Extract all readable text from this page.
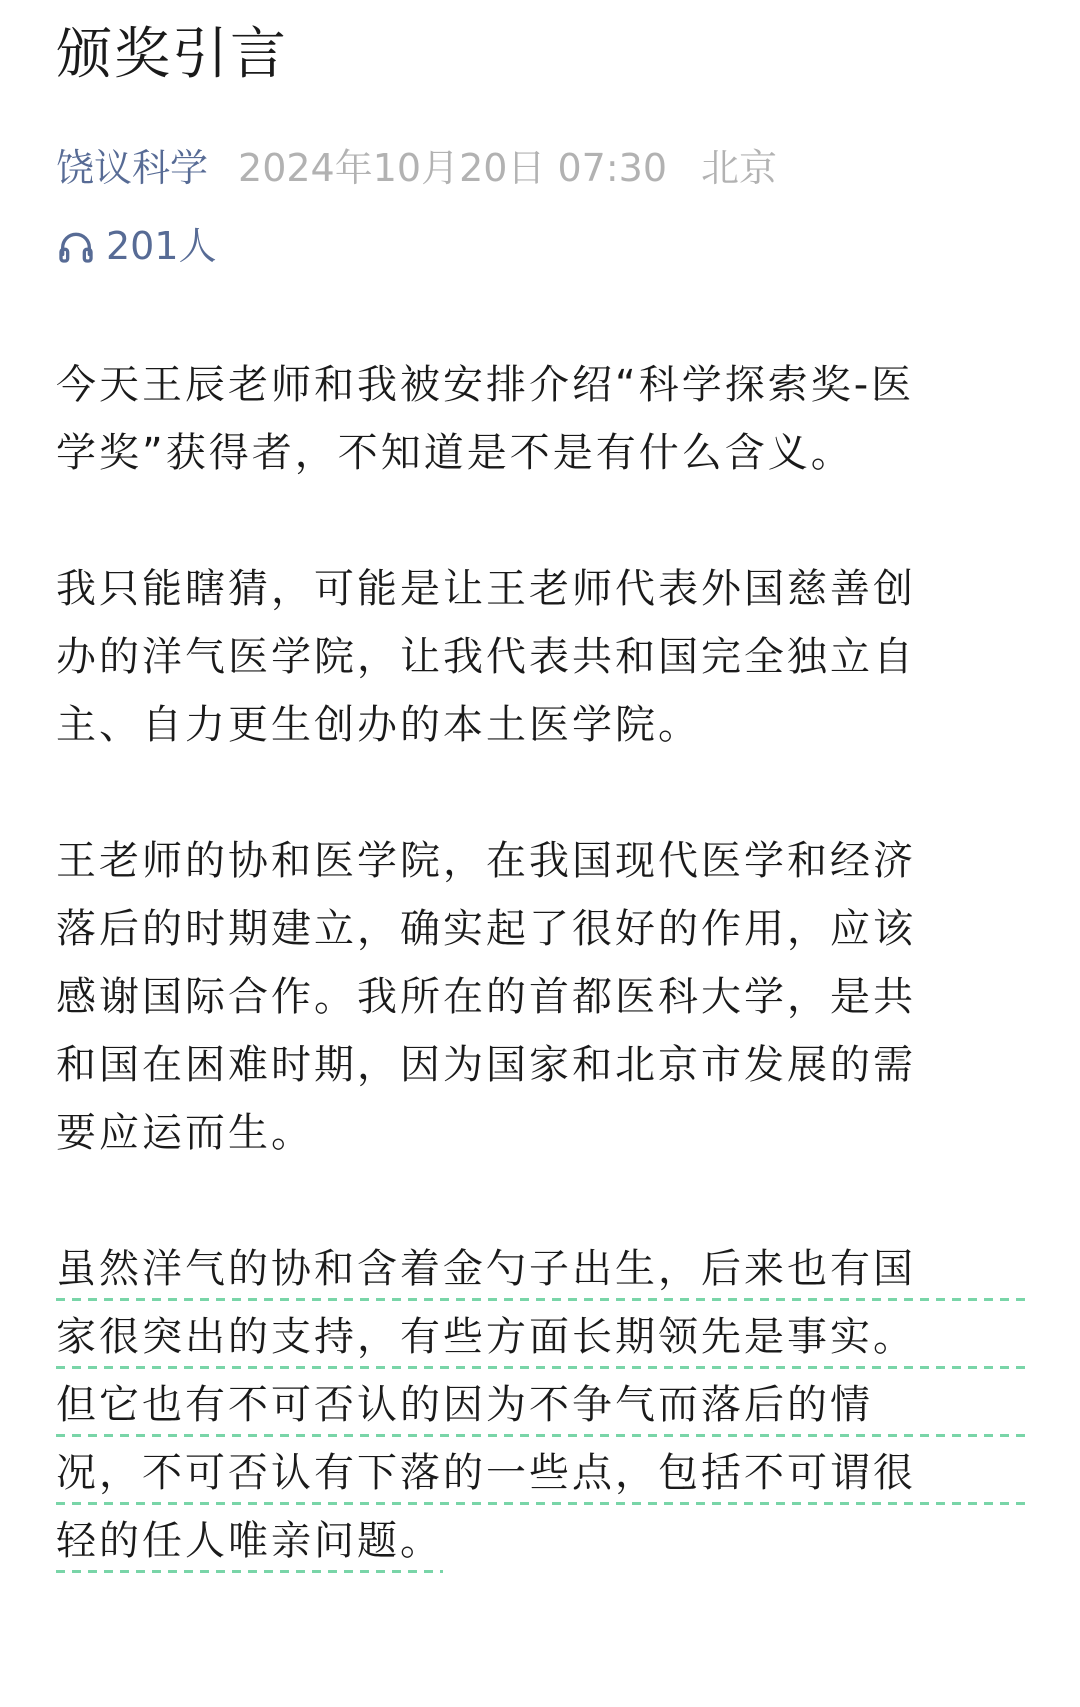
颁奖引言
饶议科学 2024年10月20日 07:30 北京
201人

今天王辰老师和我被安排介绍“科学探索奖-医
学奖”获得者，不知道是不是有什么含义。

我只能瞎猜，可能是让王老师代表外国慈善创
办的洋气医学院，让我代表共和国完全独立自
主、自力更生创办的本土医学院。

王老师的协和医学院，在我国现代医学和经济
落后的时期建立，确实起了很好的作用，应该
感谢国际合作。我所在的首都医科大学，是共
和国在困难时期，因为国家和北京市发展的需
要应运而生。

虽然洋气的协和含着金勺子出生，后来也有国
家很突出的支持，有些方面长期领先是事实。
但它也有不可否认的因为不争气而落后的情
况，不可否认有下落的一些点，包括不可谓很
轻的任人唯亲问题。
